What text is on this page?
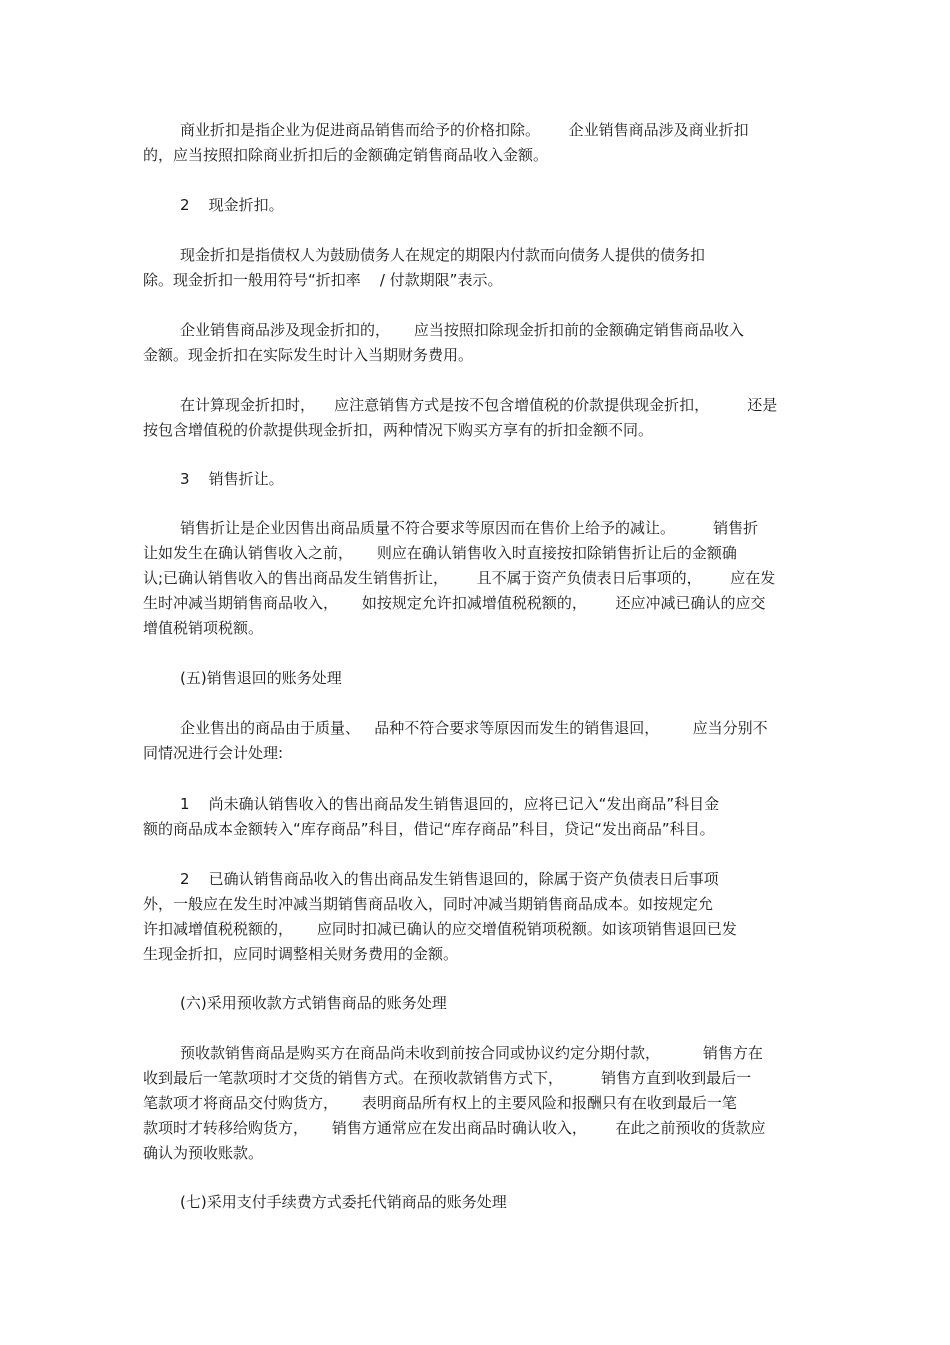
商业折扣是指企业为促进商品销售而给予的价格扣除。      企业销售商品涉及商业折扣
的，应当按照扣除商业折扣后的金额确定销售商品收入金额。
2    现金折扣。
现金折扣是指债权人为鼓励债务人在规定的期限内付款而向债务人提供的债务扣
除。现金折扣一般用符号“折扣率    / 付款期限”表示。
企业销售商品涉及现金折扣的，     应当按照扣除现金折扣前的金额确定销售商品收入
金额。现金折扣在实际发生时计入当期财务费用。
在计算现金折扣时，    应注意销售方式是按不包含增值税的价款提供现金折扣，        还是
按包含增值税的价款提供现金折扣，两种情况下购买方享有的折扣金额不同。
3    销售折让。
销售折让是企业因售出商品质量不符合要求等原因而在售价上给予的减让。        销售折
让如发生在确认销售收入之前，     则应在确认销售收入时直接按扣除销售折让后的金额确
认;已确认销售收入的售出商品发生销售折让，      且不属于资产负债表日后事项的，      应在发
生时冲减当期销售商品收入，     如按规定允许扣减增值税税额的，      还应冲减已确认的应交
增值税销项税额。
(五)销售退回的账务处理
企业售出的商品由于质量、   品种不符合要求等原因而发生的销售退回，       应当分别不
同情况进行会计处理:
1    尚未确认销售收入的售出商品发生销售退回的，应将已记入“发出商品”科目金
额的商品成本金额转入“库存商品”科目，借记“库存商品”科目，贷记“发出商品”科目。
2    已确认销售商品收入的售出商品发生销售退回的，除属于资产负债表日后事项
外，一般应在发生时冲减当期销售商品收入，同时冲减当期销售商品成本。如按规定允
许扣减增值税税额的，     应同时扣减已确认的应交增值税销项税额。如该项销售退回已发
生现金折扣，应同时调整相关财务费用的金额。
(六)采用预收款方式销售商品的账务处理
预收款销售商品是购买方在商品尚未收到前按合同或协议约定分期付款，         销售方在
收到最后一笔款项时才交货的销售方式。在预收款销售方式下，        销售方直到收到最后一
笔款项才将商品交付购货方，     表明商品所有权上的主要风险和报酬只有在收到最后一笔
款项时才转移给购货方，     销售方通常应在发出商品时确认收入，      在此之前预收的货款应
确认为预收账款。
(七)采用支付手续费方式委托代销商品的账务处理
